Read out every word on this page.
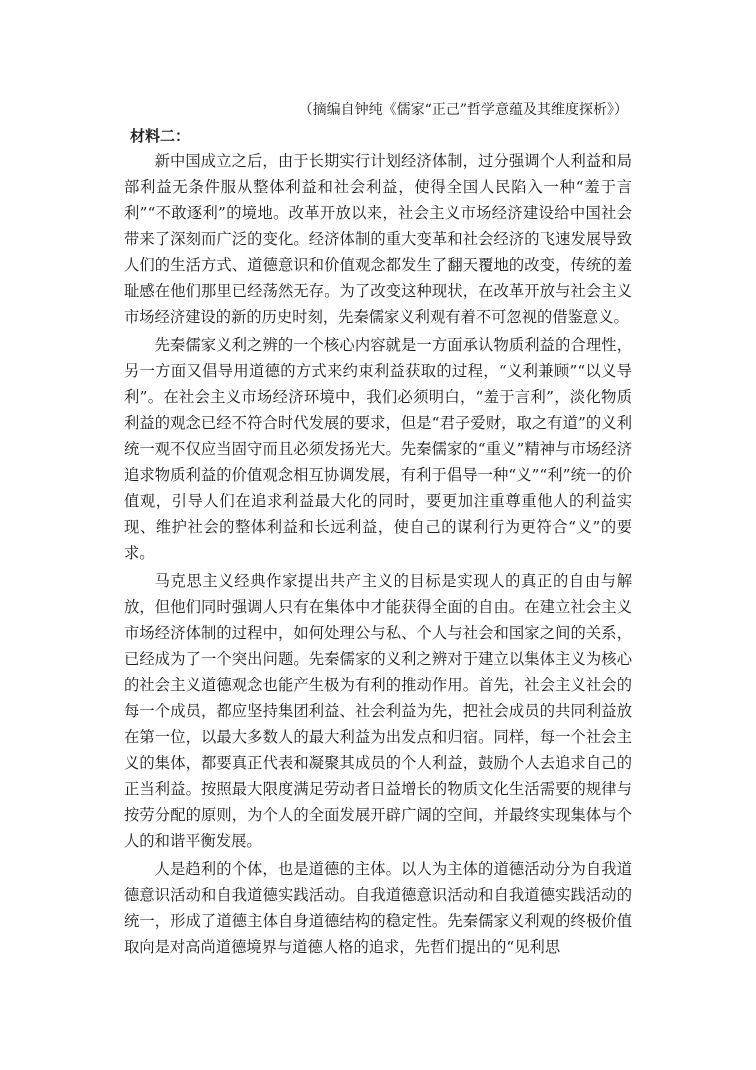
（摘编自钟纯《儒家“正己”哲学意蕴及其维度探析》）
材料二：

新中国成立之后，由于长期实行计划经济体制，过分强调个人利益和局部利益无条件服从整体利益和社会利益，使得全国人民陷入一种“羞于言利”“不敢逐利”的境地。改革开放以来，社会主义市场经济建设给中国社会带来了深刻而广泛的变化。经济体制的重大变革和社会经济的飞速发展导致人们的生活方式、道德意识和价值观念都发生了翻天覆地的改变，传统的羞耻感在他们那里已经荡然无存。为了改变这种现状，在改革开放与社会主义市场经济建设的新的历史时刻，先秦儒家义利观有着不可忽视的借鉴意义。

先秦儒家义利之辨的一个核心内容就是一方面承认物质利益的合理性，另一方面又倡导用道德的方式来约束利益获取的过程，“义利兼顾”“以义导利”。在社会主义市场经济环境中，我们必须明白，“羞于言利”，淡化物质利益的观念已经不符合时代发展的要求，但是“君子爱财，取之有道”的义利统一观不仅应当固守而且必须发扬光大。先秦儒家的“重义”精神与市场经济追求物质利益的价值观念相互协调发展，有利于倡导一种“义”“利”统一的价值观，引导人们在追求利益最大化的同时，要更加注重尊重他人的利益实现、维护社会的整体利益和长远利益，使自己的谋利行为更符合“义”的要求。

马克思主义经典作家提出共产主义的目标是实现人的真正的自由与解放，但他们同时强调人只有在集体中才能获得全面的自由。在建立社会主义市场经济体制的过程中，如何处理公与私、个人与社会和国家之间的关系，已经成为了一个突出问题。先秦儒家的义利之辨对于建立以集体主义为核心的社会主义道德观念也能产生极为有利的推动作用。首先，社会主义社会的每一个成员，都应坚持集团利益、社会利益为先，把社会成员的共同利益放在第一位，以最大多数人的最大利益为出发点和归宿。同样，每一个社会主义的集体，都要真正代表和凝聚其成员的个人利益，鼓励个人去追求自己的正当利益。按照最大限度满足劳动者日益增长的物质文化生活需要的规律与按劳分配的原则，为个人的全面发展开辟广阔的空间，并最终实现集体与个人的和谐平衡发展。

人是趋利的个体，也是道德的主体。以人为主体的道德活动分为自我道德意识活动和自我道德实践活动。自我道德意识活动和自我道德实践活动的统一，形成了道德主体自身道德结构的稳定性。先秦儒家义利观的终极价值取向是对高尚道德境界与道德人格的追求，先哲们提出的“见利思
